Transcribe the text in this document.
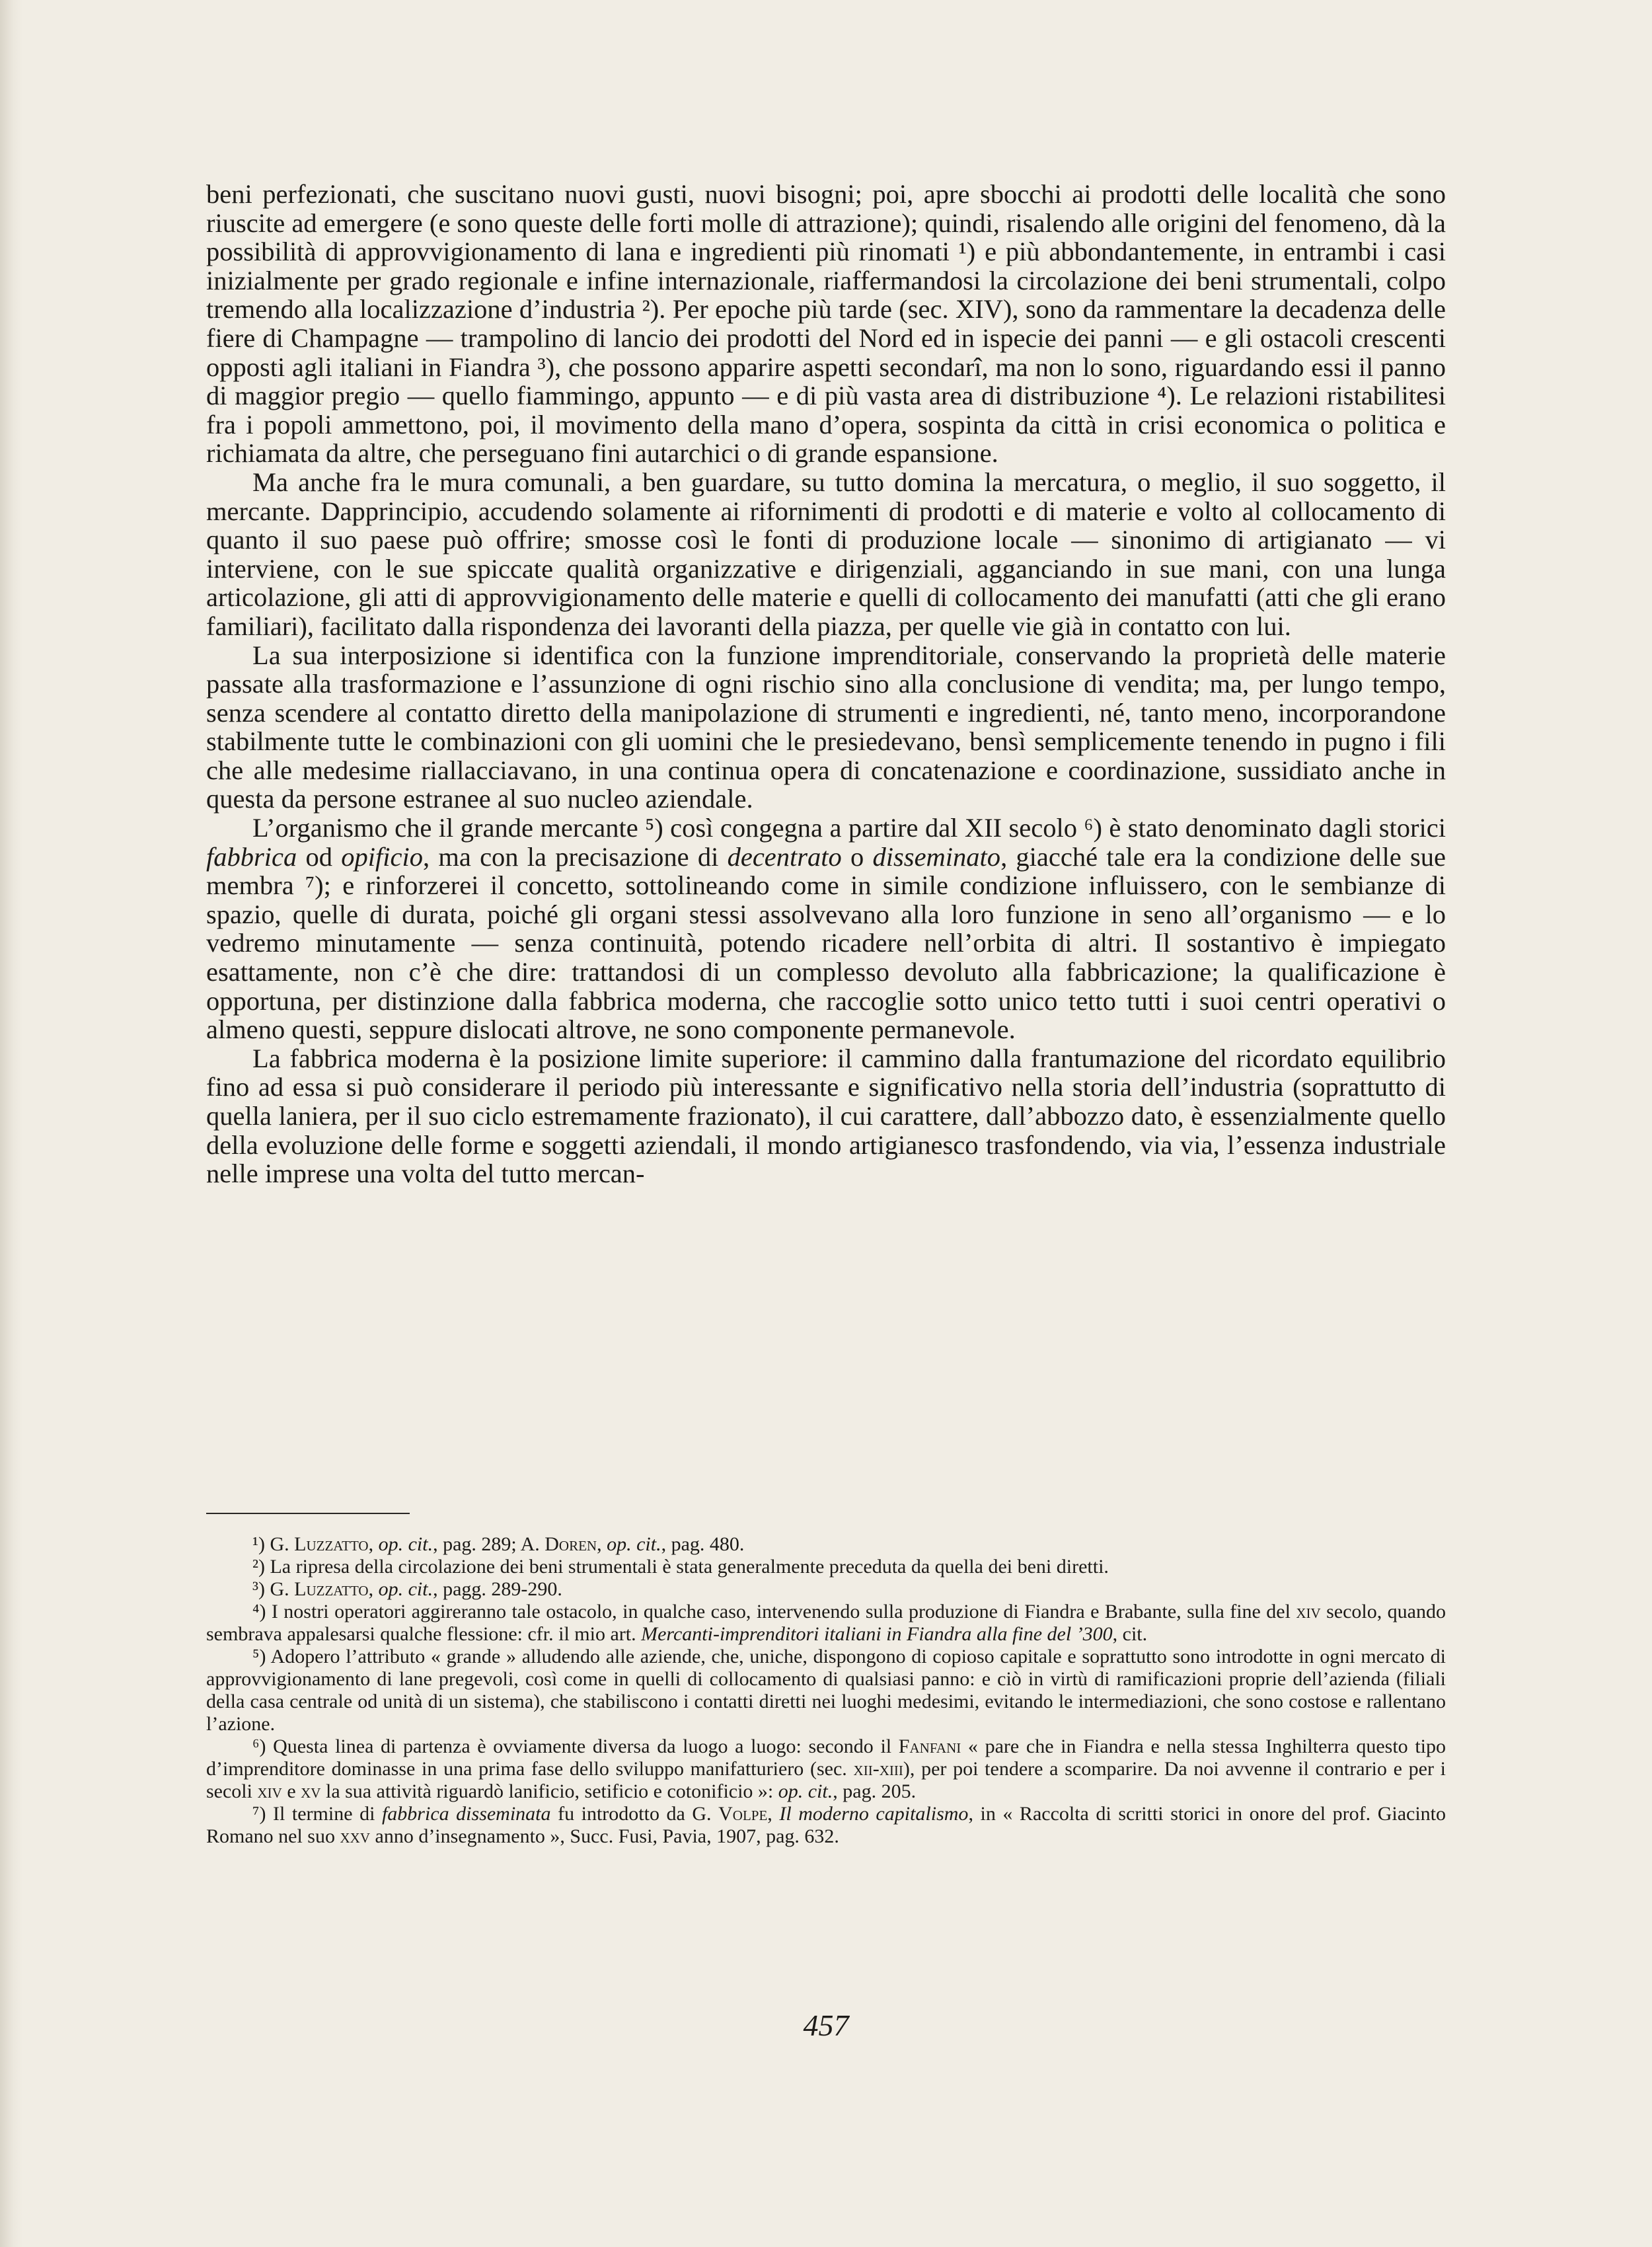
beni perfezionati, che suscitano nuovi gusti, nuovi bisogni; poi, apre sbocchi ai prodotti delle località che sono riuscite ad emergere (e sono queste delle forti molle di attrazione); quindi, risalendo alle origini del fenomeno, dà la possibilità di approvvigionamento di lana e ingredienti più rinomati ¹) e più abbondantemente, in entrambi i casi inizialmente per grado regionale e infine internazionale, riaffermandosi la circolazione dei beni strumentali, colpo tremendo alla localizzazione d’industria ²). Per epoche più tarde (sec. XIV), sono da rammentare la decadenza delle fiere di Champagne — trampolino di lancio dei prodotti del Nord ed in ispecie dei panni — e gli ostacoli crescenti opposti agli italiani in Fiandra ³), che possono apparire aspetti secondarî, ma non lo sono, riguardando essi il panno di maggior pregio — quello fiammingo, appunto — e di più vasta area di distribuzione ⁴). Le relazioni ristabilitesi fra i popoli ammettono, poi, il movimento della mano d’opera, sospinta da città in crisi economica o politica e richiamata da altre, che perseguano fini autarchici o di grande espansione.

Ma anche fra le mura comunali, a ben guardare, su tutto domina la mercatura, o meglio, il suo soggetto, il mercante. Dapprincipio, accudendo solamente ai rifornimenti di prodotti e di materie e volto al collocamento di quanto il suo paese può offrire; smosse così le fonti di produzione locale — sinonimo di artigianato — vi interviene, con le sue spiccate qualità organizzative e dirigenziali, agganciando in sue mani, con una lunga articolazione, gli atti di approvvigionamento delle materie e quelli di collocamento dei manufatti (atti che gli erano familiari), facilitato dalla rispondenza dei lavoranti della piazza, per quelle vie già in contatto con lui.

La sua interposizione si identifica con la funzione imprenditoriale, conservando la proprietà delle materie passate alla trasformazione e l’assunzione di ogni rischio sino alla conclusione di vendita; ma, per lungo tempo, senza scendere al contatto diretto della manipolazione di strumenti e ingredienti, né, tanto meno, incorporandone stabilmente tutte le combinazioni con gli uomini che le presiedevano, bensì semplicemente tenendo in pugno i fili che alle medesime riallacciavano, in una continua opera di concatenazione e coordinazione, sussidiato anche in questa da persone estranee al suo nucleo aziendale.

L’organismo che il grande mercante ⁵) così congegna a partire dal XII secolo ⁶) è stato denominato dagli storici fabbrica od opificio, ma con la precisazione di decentrato o disseminato, giacché tale era la condizione delle sue membra ⁷); e rinforzerei il concetto, sottolineando come in simile condizione influissero, con le sembianze di spazio, quelle di durata, poiché gli organi stessi assolvevano alla loro funzione in seno all’organismo — e lo vedremo minutamente — senza continuità, potendo ricadere nell’orbita di altri. Il sostantivo è impiegato esattamente, non c’è che dire: trattandosi di un complesso devoluto alla fabbricazione; la qualificazione è opportuna, per distinzione dalla fabbrica moderna, che raccoglie sotto unico tetto tutti i suoi centri operativi o almeno questi, seppure dislocati altrove, ne sono componente permanevole.

La fabbrica moderna è la posizione limite superiore: il cammino dalla frantumazione del ricordato equilibrio fino ad essa si può considerare il periodo più interessante e significativo nella storia dell’industria (soprattutto di quella laniera, per il suo ciclo estremamente frazionato), il cui carattere, dall’abbozzo dato, è essenzialmente quello della evoluzione delle forme e soggetti aziendali, il mondo artigianesco trasfondendo, via via, l’essenza industriale nelle imprese una volta del tutto mercan-

¹) G. Luzzatto, op. cit., pag. 289; A. Doren, op. cit., pag. 480.

²) La ripresa della circolazione dei beni strumentali è stata generalmente preceduta da quella dei beni diretti.

³) G. Luzzatto, op. cit., pagg. 289-290.

⁴) I nostri operatori aggireranno tale ostacolo, in qualche caso, intervenendo sulla produzione di Fiandra e Brabante, sulla fine del xiv secolo, quando sembrava appalesarsi qualche flessione: cfr. il mio art. Mercanti-imprenditori italiani in Fiandra alla fine del ’300, cit.

⁵) Adopero l’attributo « grande » alludendo alle aziende, che, uniche, dispongono di copioso capitale e soprattutto sono introdotte in ogni mercato di approvvigionamento di lane pregevoli, così come in quelli di collocamento di qualsiasi panno: e ciò in virtù di ramificazioni proprie dell’azienda (filiali della casa centrale od unità di un sistema), che stabiliscono i contatti diretti nei luoghi medesimi, evitando le intermediazioni, che sono costose e rallentano l’azione.

⁶) Questa linea di partenza è ovviamente diversa da luogo a luogo: secondo il Fanfani « pare che in Fiandra e nella stessa Inghilterra questo tipo d’imprenditore dominasse in una prima fase dello sviluppo manifatturiero (sec. xii-xiii), per poi tendere a scomparire. Da noi avvenne il contrario e per i secoli xiv e xv la sua attività riguardò lanificio, setificio e cotonificio »: op. cit., pag. 205.

⁷) Il termine di fabbrica disseminata fu introdotto da G. Volpe, Il moderno capitalismo, in « Raccolta di scritti storici in onore del prof. Giacinto Romano nel suo xxv anno d’insegnamento », Succ. Fusi, Pavia, 1907, pag. 632.

457
